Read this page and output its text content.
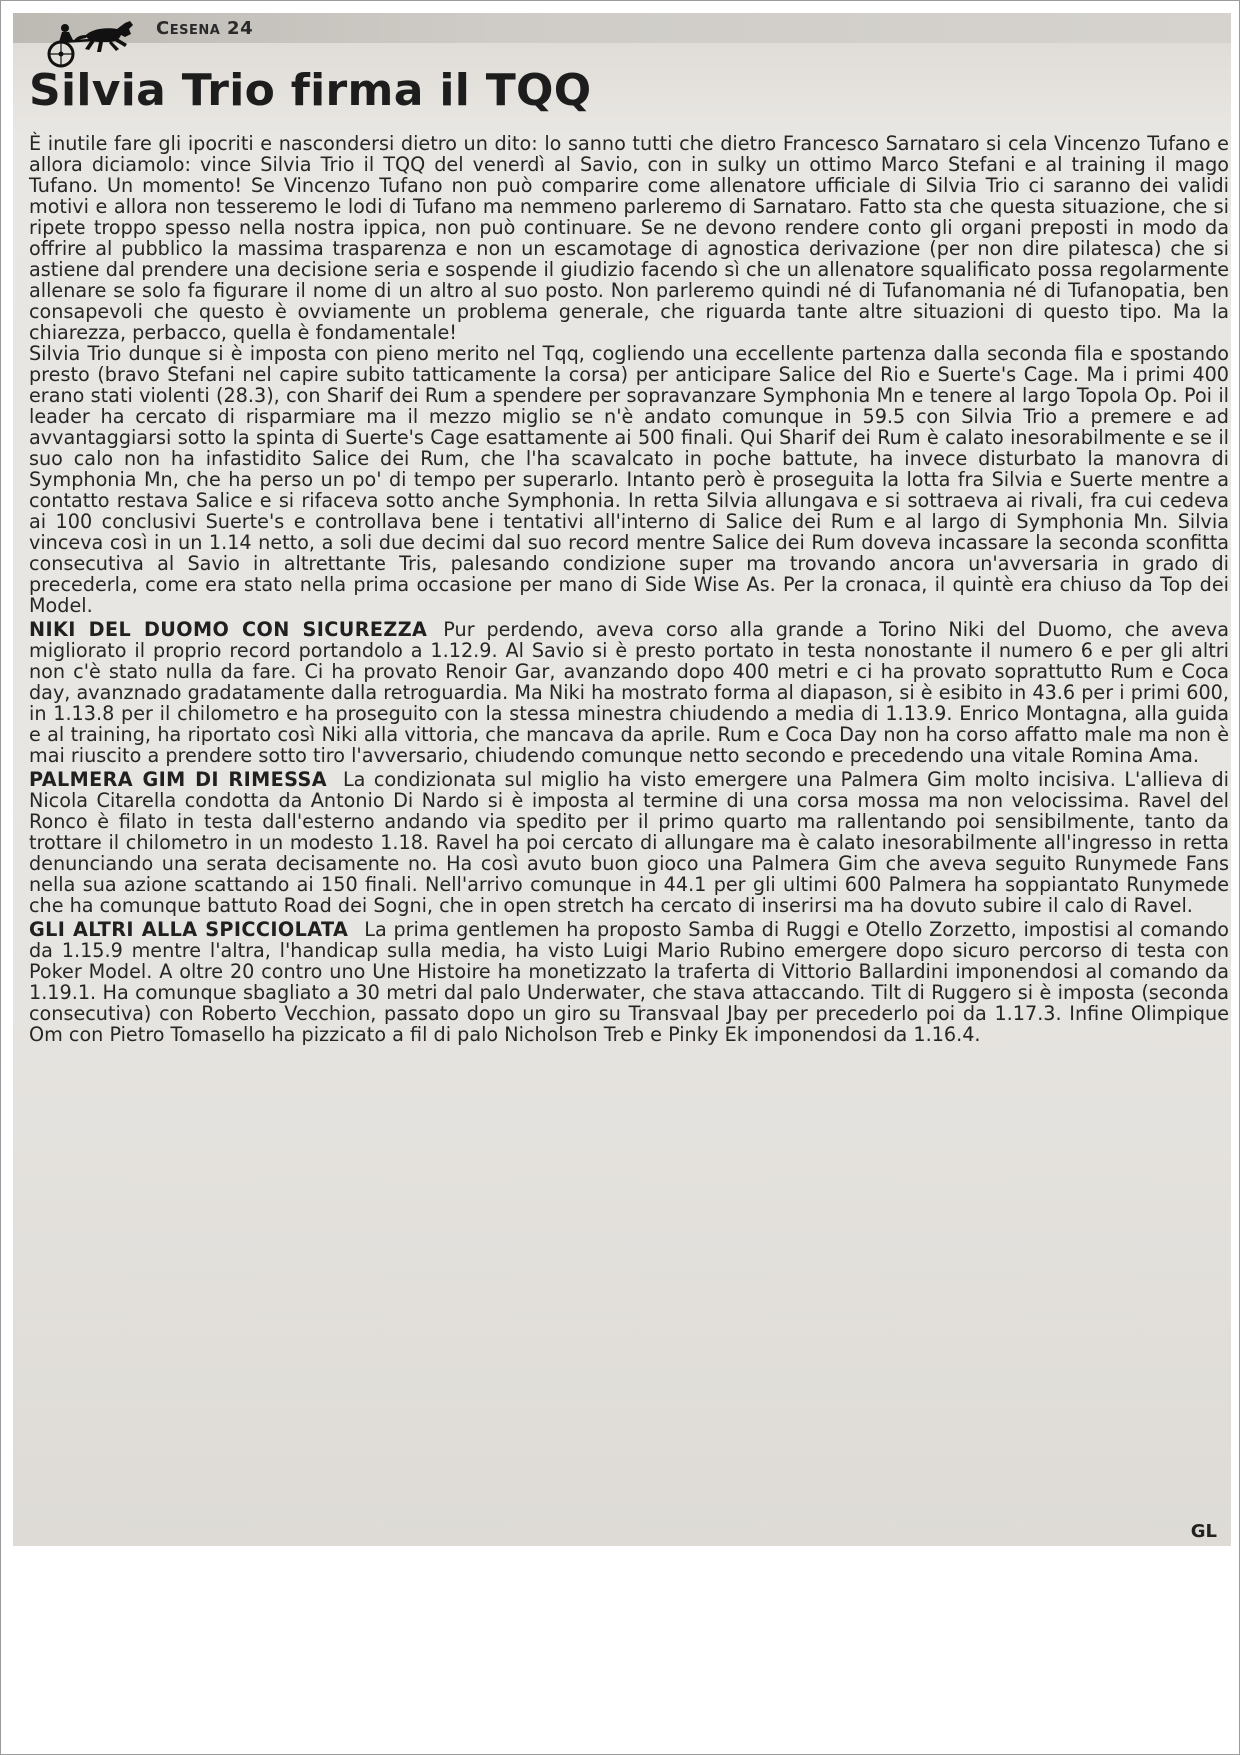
Cesena 24
Silvia Trio firma il TQQ

È inutile fare gli ipocriti e nascondersi dietro un dito: lo sanno tutti che dietro Francesco Sarnataro si cela Vincenzo Tufano e allora diciamolo: vince Silvia Trio il TQQ del venerdì al Savio, con in sulky un ottimo Marco Stefani e al training il mago Tufano. Un momento! Se Vincenzo Tufano non può comparire come allenatore ufficiale di Silvia Trio ci saranno dei validi motivi e allora non tesseremo le lodi di Tufano ma nemmeno parleremo di Sarnataro. Fatto sta che questa situazione, che si ripete troppo spesso nella nostra ippica, non può continuare. Se ne devono rendere conto gli organi preposti in modo da offrire al pubblico la massima trasparenza e non un escamotage di agnostica derivazione (per non dire pilatesca) che si astiene dal prendere una decisione seria e sospende il giudizio facendo sì che un allenatore squalificato possa regolarmente allenare se solo fa figurare il nome di un altro al suo posto. Non parleremo quindi né di Tufanomania né di Tufanopatia, ben consapevoli che questo è ovviamente un problema generale, che riguarda tante altre situazioni di questo tipo. Ma la chiarezza, perbacco, quella è fondamentale!

Silvia Trio dunque si è imposta con pieno merito nel Tqq, cogliendo una eccellente partenza dalla seconda fila e spostando presto (bravo Stefani nel capire subito tatticamente la corsa) per anticipare Salice del Rio e Suerte's Cage. Ma i primi 400 erano stati violenti (28.3), con Sharif dei Rum a spendere per sopravanzare Symphonia Mn e tenere al largo Topola Op. Poi il leader ha cercato di risparmiare ma il mezzo miglio se n'è andato comunque in 59.5 con Silvia Trio a premere e ad avvantaggiarsi sotto la spinta di Suerte's Cage esattamente ai 500 finali. Qui Sharif dei Rum è calato inesorabilmente e se il suo calo non ha infastidito Salice dei Rum, che l'ha scavalcato in poche battute, ha invece disturbato la manovra di Symphonia Mn, che ha perso un po' di tempo per superarlo. Intanto però è proseguita la lotta fra Silvia e Suerte mentre a contatto restava Salice e si rifaceva sotto anche Symphonia. In retta Silvia allungava e si sottraeva ai rivali, fra cui cedeva ai 100 conclusivi Suerte's e controllava bene i tentativi all'interno di Salice dei Rum e al largo di Symphonia Mn. Silvia vinceva così in un 1.14 netto, a soli due decimi dal suo record mentre Salice dei Rum doveva incassare la seconda sconfitta consecutiva al Savio in altrettante Tris, palesando condizione super ma trovando ancora un'avversaria in grado di precederla, come era stato nella prima occasione per mano di Side Wise As. Per la cronaca, il quintè era chiuso da Top dei Model.

NIKI DEL DUOMO CON SICUREZZA Pur perdendo, aveva corso alla grande a Torino Niki del Duomo, che aveva migliorato il proprio record portandolo a 1.12.9. Al Savio si è presto portato in testa nonostante il numero 6 e per gli altri non c'è stato nulla da fare. Ci ha provato Renoir Gar, avanzando dopo 400 metri e ci ha provato soprattutto Rum e Coca day, avanznado gradatamente dalla retroguardia. Ma Niki ha mostrato forma al diapason, si è esibito in 43.6 per i primi 600, in 1.13.8 per il chilometro e ha proseguito con la stessa minestra chiudendo a media di 1.13.9. Enrico Montagna, alla guida e al training, ha riportato così Niki alla vittoria, che mancava da aprile. Rum e Coca Day non ha corso affatto male ma non è mai riuscito a prendere sotto tiro l'avversario, chiudendo comunque netto secondo e precedendo una vitale Romina Ama.

PALMERA GIM DI RIMESSA La condizionata sul miglio ha visto emergere una Palmera Gim molto incisiva. L'allieva di Nicola Citarella condotta da Antonio Di Nardo si è imposta al termine di una corsa mossa ma non velocissima. Ravel del Ronco è filato in testa dall'esterno andando via spedito per il primo quarto ma rallentando poi sensibilmente, tanto da trottare il chilometro in un modesto 1.18. Ravel ha poi cercato di allungare ma è calato inesorabilmente all'ingresso in retta denunciando una serata decisamente no. Ha così avuto buon gioco una Palmera Gim che aveva seguito Runymede Fans nella sua azione scattando ai 150 finali. Nell'arrivo comunque in 44.1 per gli ultimi 600 Palmera ha soppiantato Runymede che ha comunque battuto Road dei Sogni, che in open stretch ha cercato di inserirsi ma ha dovuto subire il calo di Ravel.

GLI ALTRI ALLA SPICCIOLATA La prima gentlemen ha proposto Samba di Ruggi e Otello Zorzetto, impostisi al comando da 1.15.9 mentre l'altra, l'handicap sulla media, ha visto Luigi Mario Rubino emergere dopo sicuro percorso di testa con Poker Model. A oltre 20 contro uno Une Histoire ha monetizzato la traferta di Vittorio Ballardini imponendosi al comando da 1.19.1. Ha comunque sbagliato a 30 metri dal palo Underwater, che stava attaccando. Tilt di Ruggero si è imposta (seconda consecutiva) con Roberto Vecchion, passato dopo un giro su Transvaal Jbay per precederlo poi da 1.17.3. Infine Olimpique Om con Pietro Tomasello ha pizzicato a fil di palo Nicholson Treb e Pinky Ek imponendosi da 1.16.4.

GL
